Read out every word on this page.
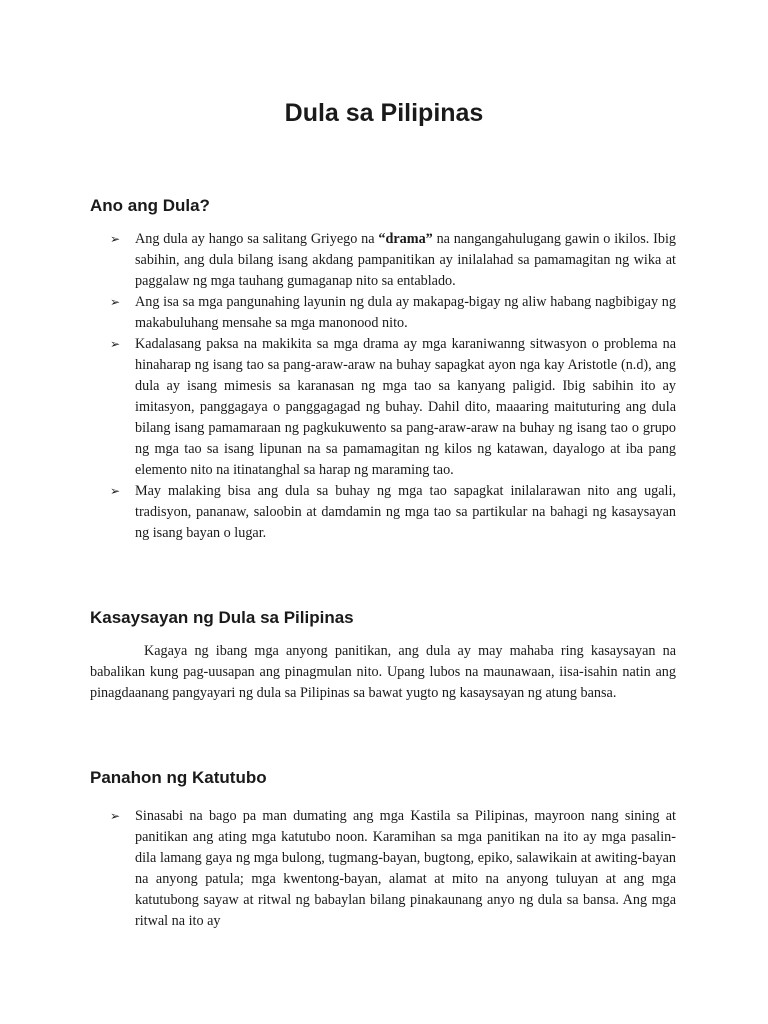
Dula sa Pilipinas
Ano ang Dula?
➢ Ang dula ay hango sa salitang Griyego na “drama” na nangangahulugang gawin o ikilos. Ibig sabihin, ang dula bilang isang akdang pampanitikan ay inilalahad sa pamamagitan ng wika at paggalaw ng mga tauhang gumaganap nito sa entablado.
➢ Ang isa sa mga pangunahing layunin ng dula ay makapag-bigay ng aliw habang nagbibigay ng makabuluhang mensahe sa mga manonood nito.
➢ Kadalasang paksa na makikita sa mga drama ay mga karaniwanng sitwasyon o problema na hinaharap ng isang tao sa pang-araw-araw na buhay sapagkat ayon nga kay Aristotle (n.d), ang dula ay isang mimesis sa karanasan ng mga tao sa kanyang paligid. Ibig sabihin ito ay imitasyon, panggagaya o panggagagad ng buhay. Dahil dito, maaaring maituturing ang dula bilang isang pamamaraan ng pagkukuwento sa pang-araw-araw na buhay ng isang tao o grupo ng mga tao sa isang lipunan na sa pamamagitan ng kilos ng katawan, dayalogo at iba pang elemento nito na itinatanghal sa harap ng maraming tao.
➢ May malaking bisa ang dula sa buhay ng mga tao sapagkat inilalarawan nito ang ugali, tradisyon, pananaw, saloobin at damdamin ng mga tao sa partikular na bahagi ng kasaysayan ng isang bayan o lugar.
Kasaysayan ng Dula sa Pilipinas

Kagaya ng ibang mga anyong panitikan, ang dula ay may mahaba ring kasaysayan na babalikan kung pag-uusapan ang pinagmulan nito. Upang lubos na maunawaan, iisa-isahin natin ang pinagdaanang pangyayari ng dula sa Pilipinas sa bawat yugto ng kasaysayan ng atung bansa.

Panahon ng Katutubo
➢ Sinasabi na bago pa man dumating ang mga Kastila sa Pilipinas, mayroon nang sining at panitikan ang ating mga katutubo noon. Karamihan sa mga panitikan na ito ay mga pasalin-dila lamang gaya ng mga bulong, tugmang-bayan, bugtong, epiko, salawikain at awiting-bayan na anyong patula; mga kwentong-bayan, alamat at mito na anyong tuluyan at ang mga katutubong sayaw at ritwal ng babaylan bilang pinakaunang anyo ng dula sa bansa. Ang mga ritwal na ito ay
